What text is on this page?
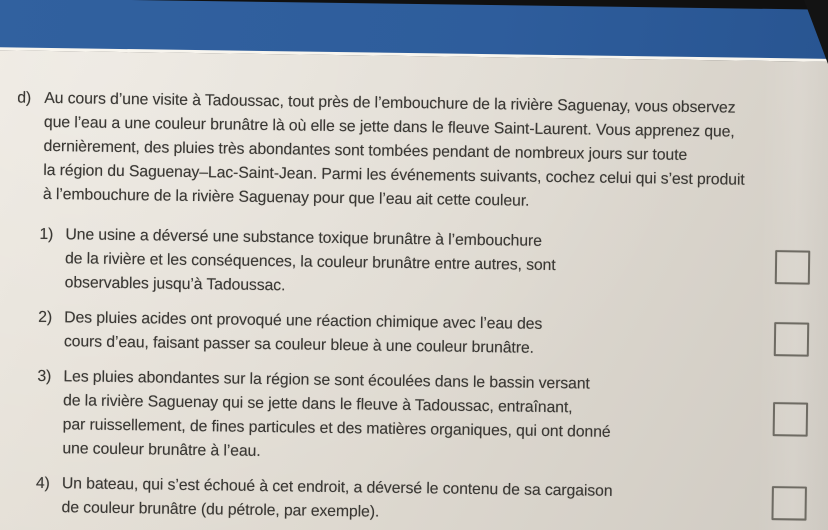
d) Au cours d’une visite à Tadoussac, tout près de l’embouchure de la rivière Saguenay, vous observez
que l’eau a une couleur brunâtre là où elle se jette dans le fleuve Saint-Laurent. Vous apprenez que,
dernièrement, des pluies très abondantes sont tombées pendant de nombreux jours sur toute
la région du Saguenay–Lac-Saint-Jean. Parmi les événements suivants, cochez celui qui s’est produit
à l’embouchure de la rivière Saguenay pour que l’eau ait cette couleur.
1) Une usine a déversé une substance toxique brunâtre à l’embouchure
de la rivière et les conséquences, la couleur brunâtre entre autres, sont
observables jusqu’à Tadoussac.
2) Des pluies acides ont provoqué une réaction chimique avec l’eau des
cours d’eau, faisant passer sa couleur bleue à une couleur brunâtre.
3) Les pluies abondantes sur la région se sont écoulées dans le bassin versant
de la rivière Saguenay qui se jette dans le fleuve à Tadoussac, entraînant,
par ruissellement, de fines particules et des matières organiques, qui ont donné
une couleur brunâtre à l’eau.
4) Un bateau, qui s’est échoué à cet endroit, a déversé le contenu de sa cargaison
de couleur brunâtre (du pétrole, par exemple).
